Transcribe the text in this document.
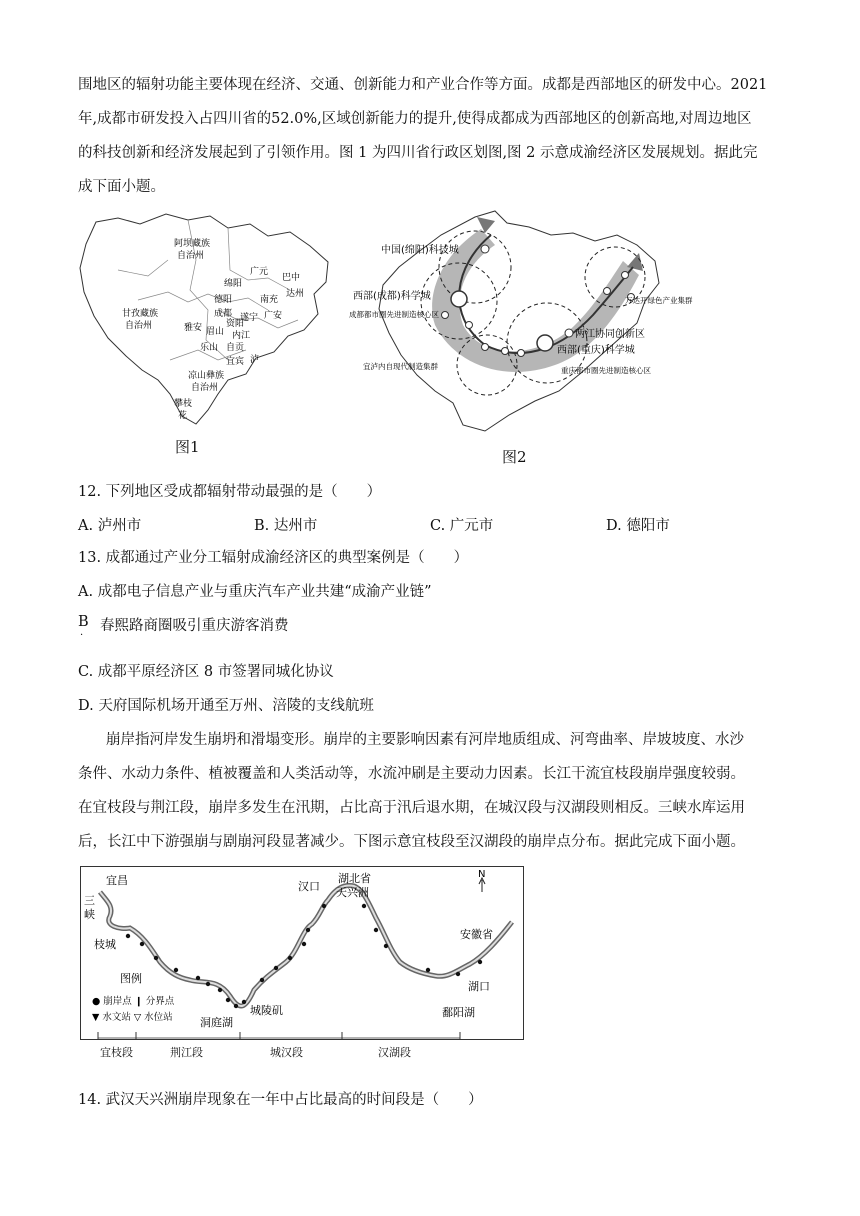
围地区的辐射功能主要体现在经济、交通、创新能力和产业合作等方面。成都是西部地区的研发中心。2021
年,成都市研发投入占四川省的52.0%,区域创新能力的提升,使得成都成为西部地区的创新高地,对周边地区
的科技创新和经济发展起到了引领作用。图 1 为四川省行政区划图,图 2 示意成渝经济区发展规划。据此完
成下面小题。
阿坝藏族
自治州
甘孜藏族
自治州
凉山彝族
自治州
广元
巴中
绵阳
达州
南充
德阳
成都 遂宁 广安
资阳
雅安 眉山 内江
乐山 自贡
宜宾 泸
攀枝
花
图1
中国(绵阳)科技城
西部(成都)科学城
成都都市圈先进制造核心区
宜泸内自现代制造集群
两江协同创新区
西部(重庆)科学城
重庆都市圈先进制造核心区
万达开绿色产业集群
图2
12. 下列地区受成都辐射带动最强的是（　　）
A. 泸州市	B. 达州市	C. 广元市	D. 德阳市
13. 成都通过产业分工辐射成渝经济区的典型案例是（　　）
A. 成都电子信息产业与重庆汽车产业共建“成渝产业链”
B
·
春熙路商圈吸引重庆游客消费
C. 成都平原经济区 8 市签署同城化协议
D. 天府国际机场开通至万州、涪陵的支线航班
崩岸指河岸发生崩坍和滑塌变形。崩岸的主要影响因素有河岸地质组成、河弯曲率、岸坡坡度、水沙
条件、水动力条件、植被覆盖和人类活动等，水流冲刷是主要动力因素。长江干流宜枝段崩岸强度较弱。
在宜枝段与荆江段，崩岸多发生在汛期，占比高于汛后退水期，在城汉段与汉湖段则相反。三峡水库运用
后，长江中下游强崩与剧崩河段显著减少。下图示意宜枝段至汉湖段的崩岸点分布。据此完成下面小题。
N
宜昌
三
峡
枝城
汉口
湖北省
天兴洲
安徽省
湖口
鄱阳湖
洞庭湖
城陵矶
图例
● 崩岸点 ❙ 分界点
▼ 水文站 ▽ 水位站
宜枝段	荆江段	城汉段	汉湖段
14. 武汉天兴洲崩岸现象在一年中占比最高的时间段是（　　）
